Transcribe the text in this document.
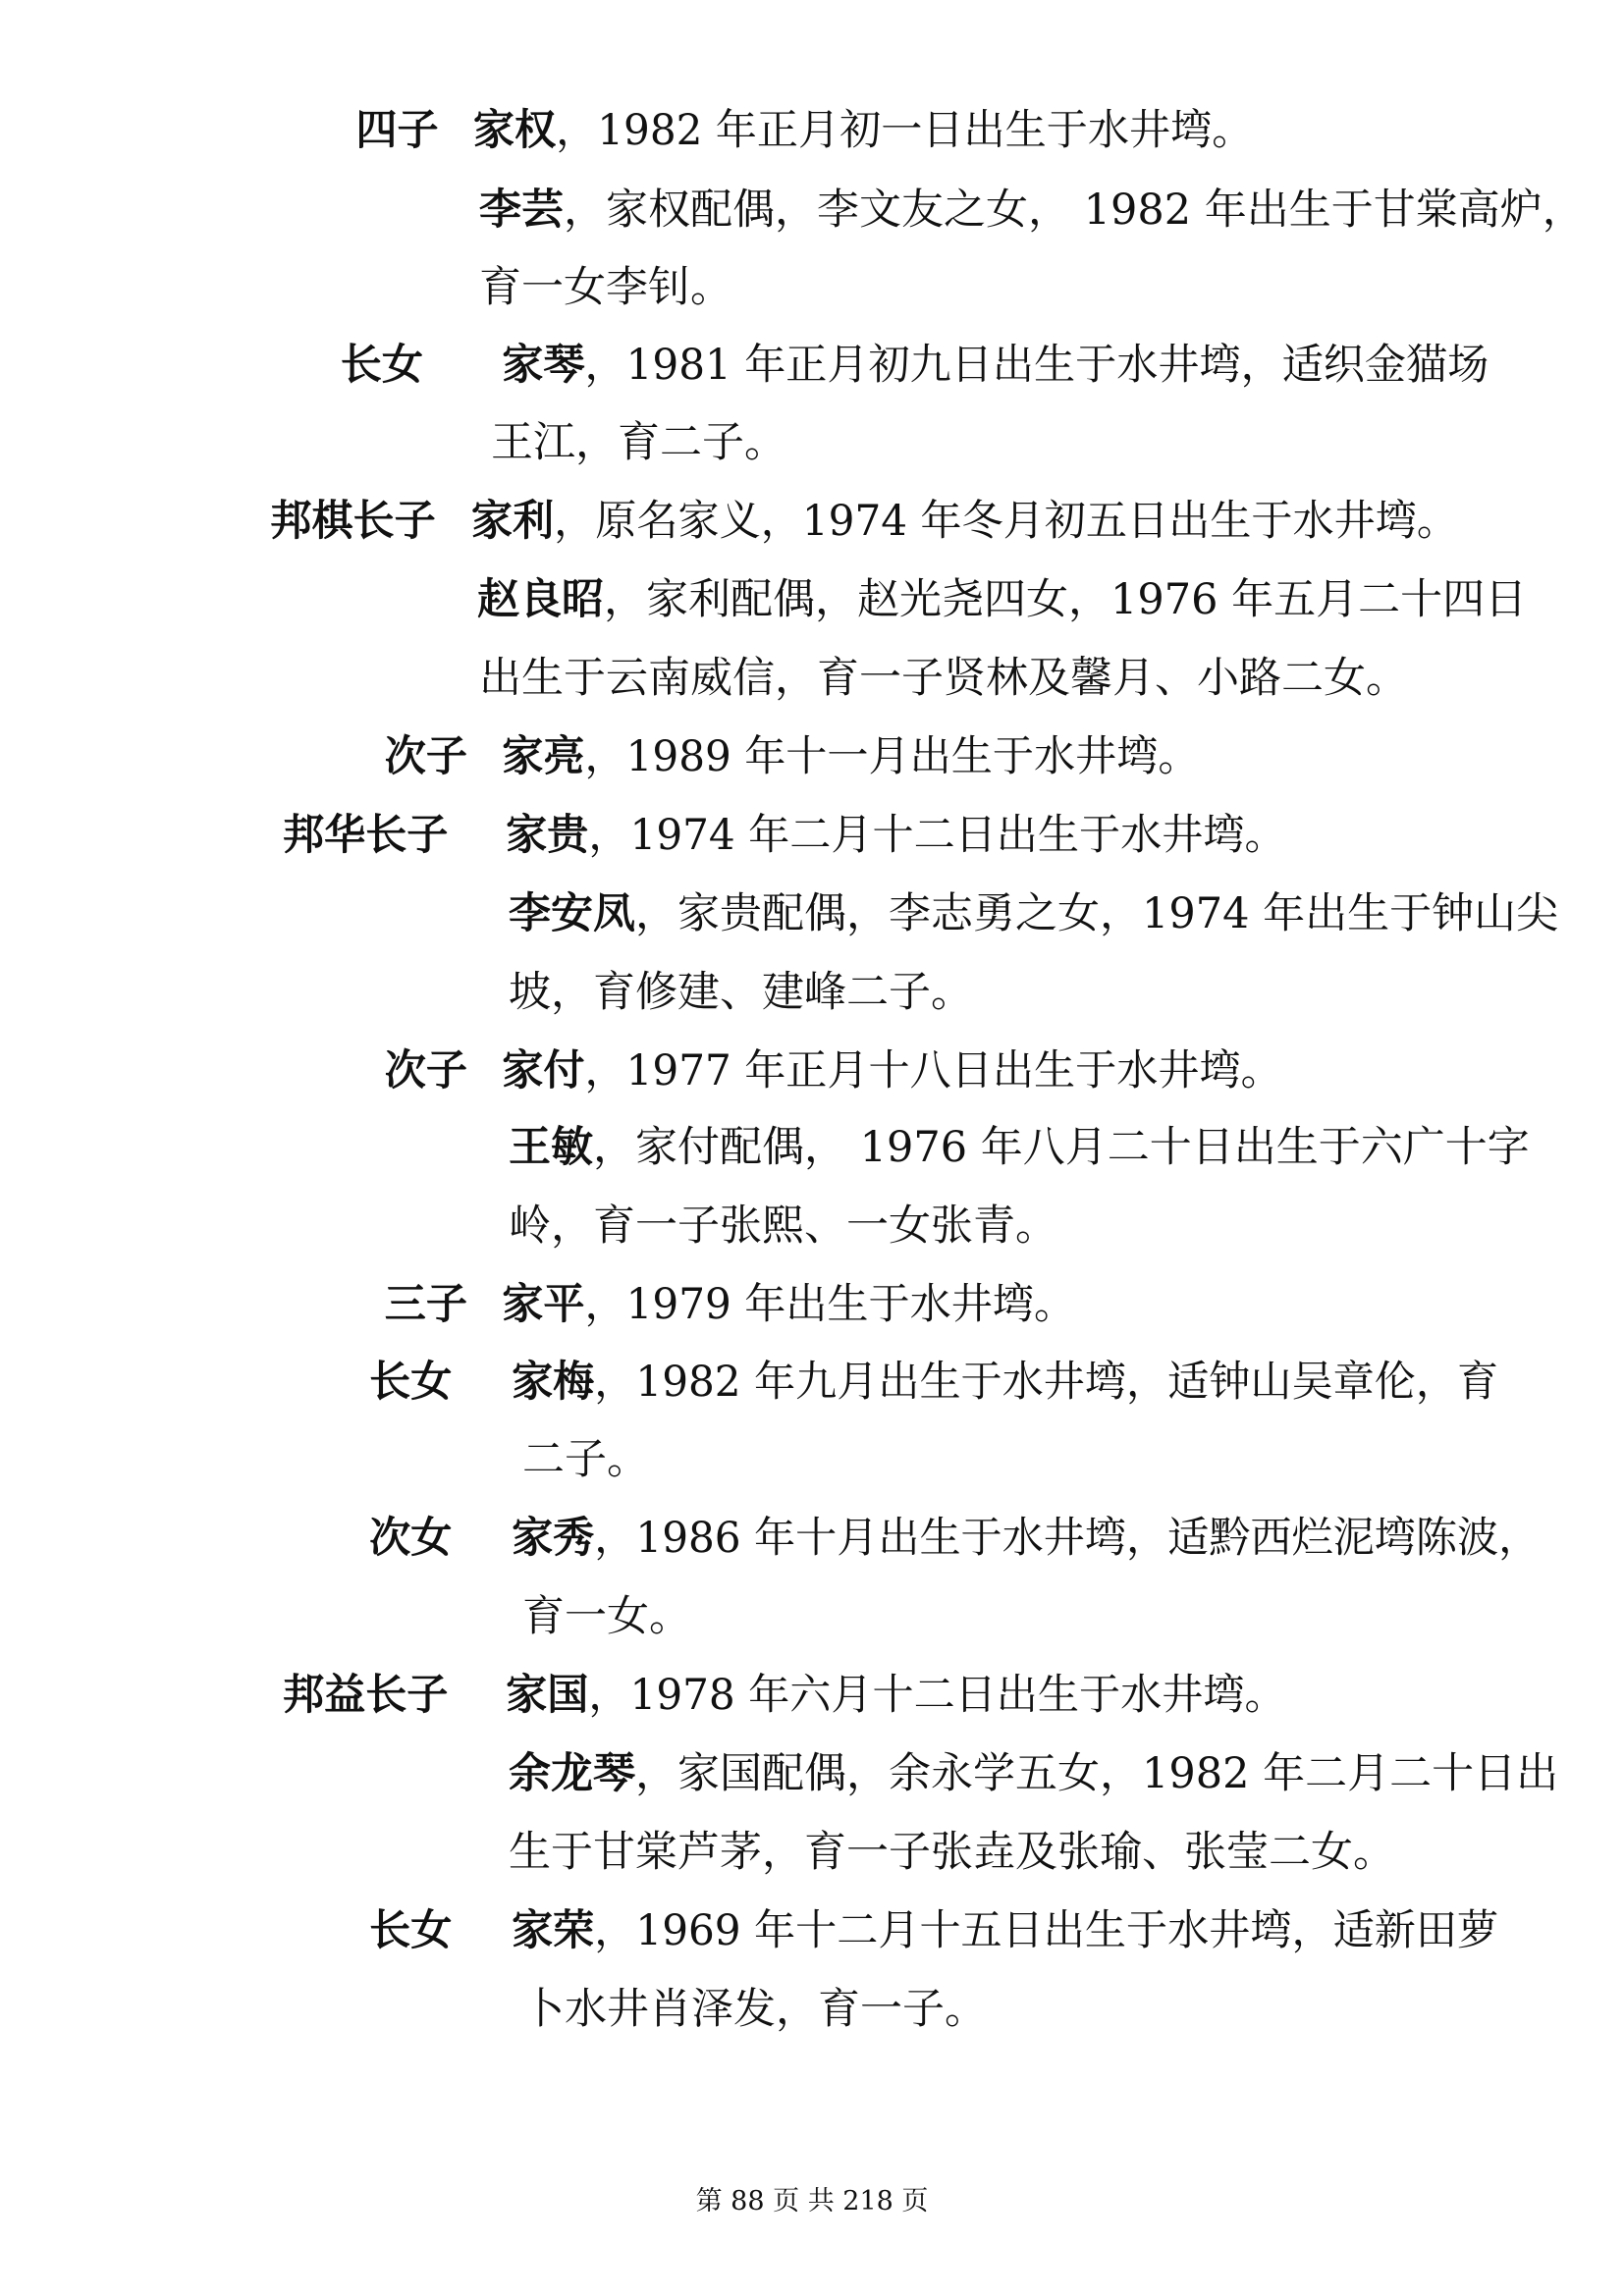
四子 家权，1982 年正月初一日出生于水井塆。
李芸，家权配偶，李文友之女， 1982 年出生于甘棠高炉，
育一女李钊。
长女 家琴，1981 年正月初九日出生于水井塆，适织金猫场
王江，育二子。
邦棋长子 家利，原名家义，1974 年冬月初五日出生于水井塆。
赵良昭，家利配偶，赵光尧四女，1976 年五月二十四日
出生于云南威信，育一子贤林及馨月、小路二女。
次子 家亮，1989 年十一月出生于水井塆。
邦华长子 家贵，1974 年二月十二日出生于水井塆。
李安凤，家贵配偶，李志勇之女，1974 年出生于钟山尖
坡，育修建、建峰二子。
次子 家付，1977 年正月十八日出生于水井塆。
王敏，家付配偶， 1976 年八月二十日出生于六广十字
岭，育一子张熙、一女张青。
三子 家平，1979 年出生于水井塆。
长女 家梅，1982 年九月出生于水井塆，适钟山吴章伦，育
二子。
次女 家秀，1986 年十月出生于水井塆，适黔西烂泥塆陈波，
育一女。
邦益长子 家国，1978 年六月十二日出生于水井塆。
余龙琴，家国配偶，余永学五女，1982 年二月二十日出
生于甘棠芦茅，育一子张垚及张瑜、张莹二女。
长女 家荣，1969 年十二月十五日出生于水井塆，适新田萝
卜水井肖泽发，育一子。
第 88 页 共 218 页
